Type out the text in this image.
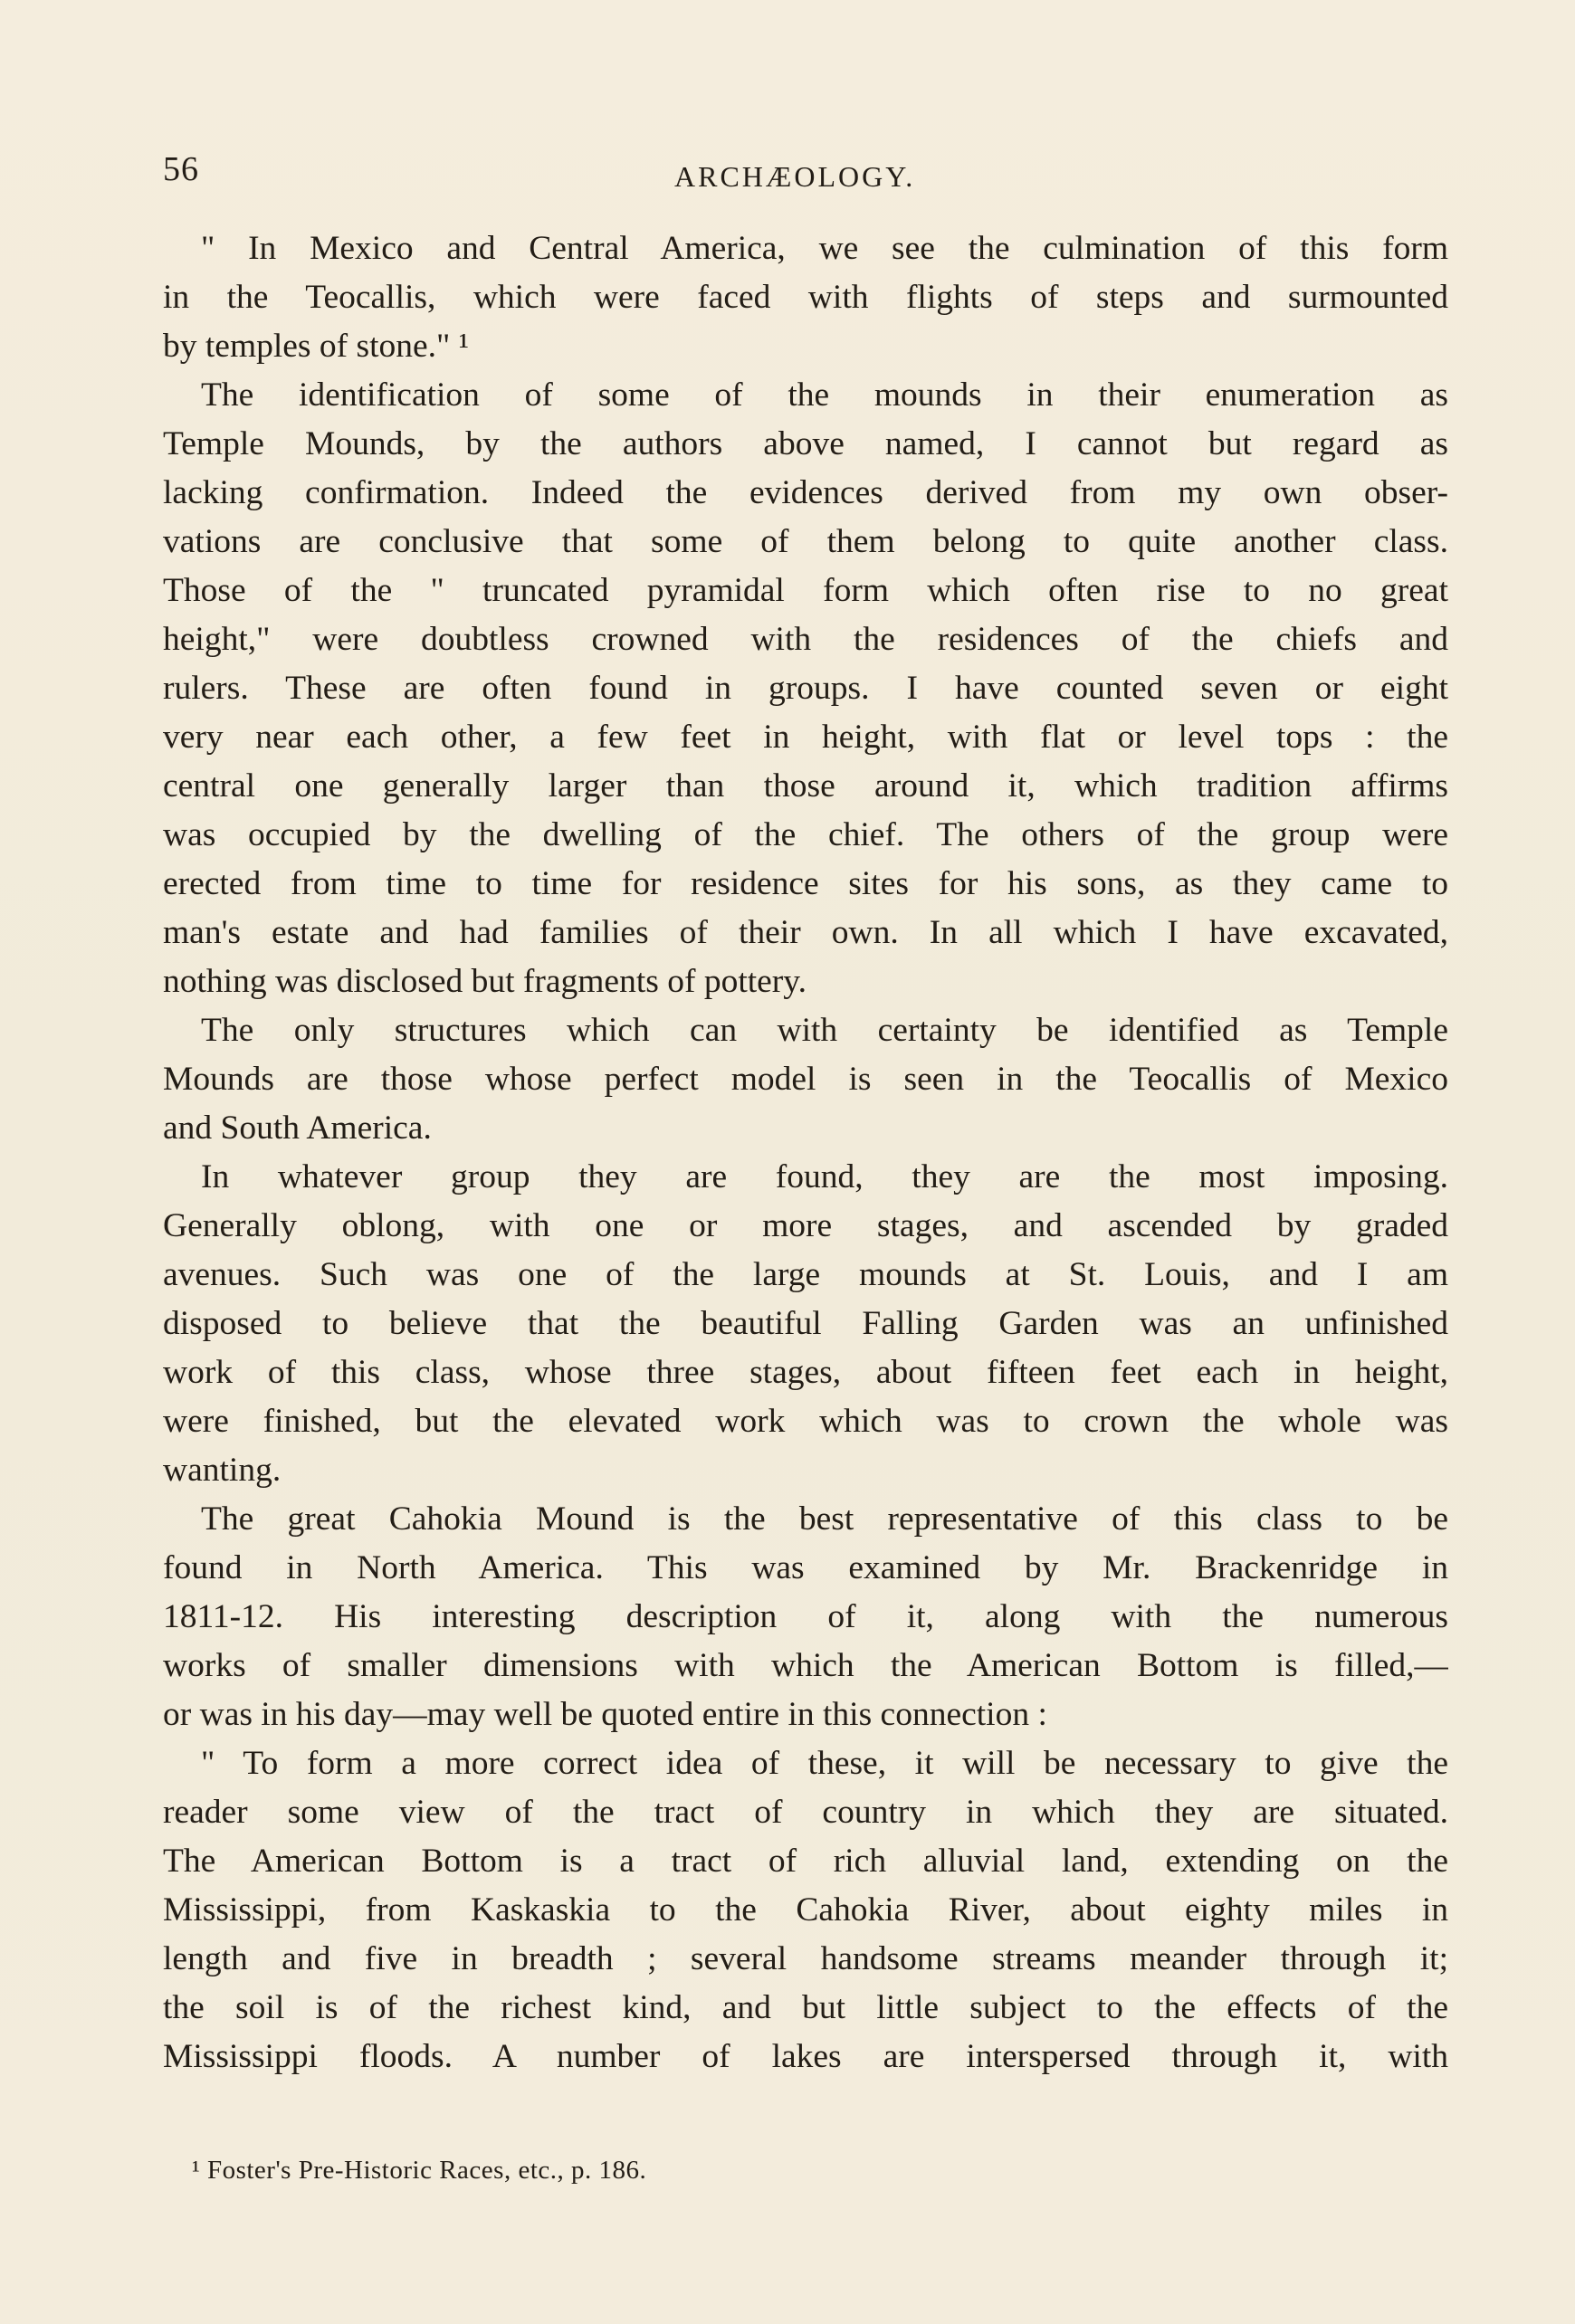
56	ARCHÆOLOGY.
" In Mexico and Central America, we see the culmination of this form
in the Teocallis, which were faced with flights of steps and surmounted
by temples of stone." ¹
The identification of some of the mounds in their enumeration as
Temple Mounds, by the authors above named, I cannot but regard as
lacking confirmation. Indeed the evidences derived from my own obser-
vations are conclusive that some of them belong to quite another class.
Those of the " truncated pyramidal form which often rise to no great
height," were doubtless crowned with the residences of the chiefs and
rulers. These are often found in groups. I have counted seven or eight
very near each other, a few feet in height, with flat or level tops : the
central one generally larger than those around it, which tradition affirms
was occupied by the dwelling of the chief. The others of the group were
erected from time to time for residence sites for his sons, as they came to
man's estate and had families of their own. In all which I have excavated,
nothing was disclosed but fragments of pottery.
The only structures which can with certainty be identified as Temple
Mounds are those whose perfect model is seen in the Teocallis of Mexico
and South America.
In whatever group they are found, they are the most imposing.
Generally oblong, with one or more stages, and ascended by graded
avenues. Such was one of the large mounds at St. Louis, and I am
disposed to believe that the beautiful Falling Garden was an unfinished
work of this class, whose three stages, about fifteen feet each in height,
were finished, but the elevated work which was to crown the whole was
wanting.
The great Cahokia Mound is the best representative of this class to be
found in North America. This was examined by Mr. Brackenridge in
1811-12. His interesting description of it, along with the numerous
works of smaller dimensions with which the American Bottom is filled,—
or was in his day—may well be quoted entire in this connection :
" To form a more correct idea of these, it will be necessary to give the
reader some view of the tract of country in which they are situated.
The American Bottom is a tract of rich alluvial land, extending on the
Mississippi, from Kaskaskia to the Cahokia River, about eighty miles in
length and five in breadth ; several handsome streams meander through it;
the soil is of the richest kind, and but little subject to the effects of the
Mississippi floods. A number of lakes are interspersed through it, with
¹ Foster's Pre-Historic Races, etc., p. 186.
